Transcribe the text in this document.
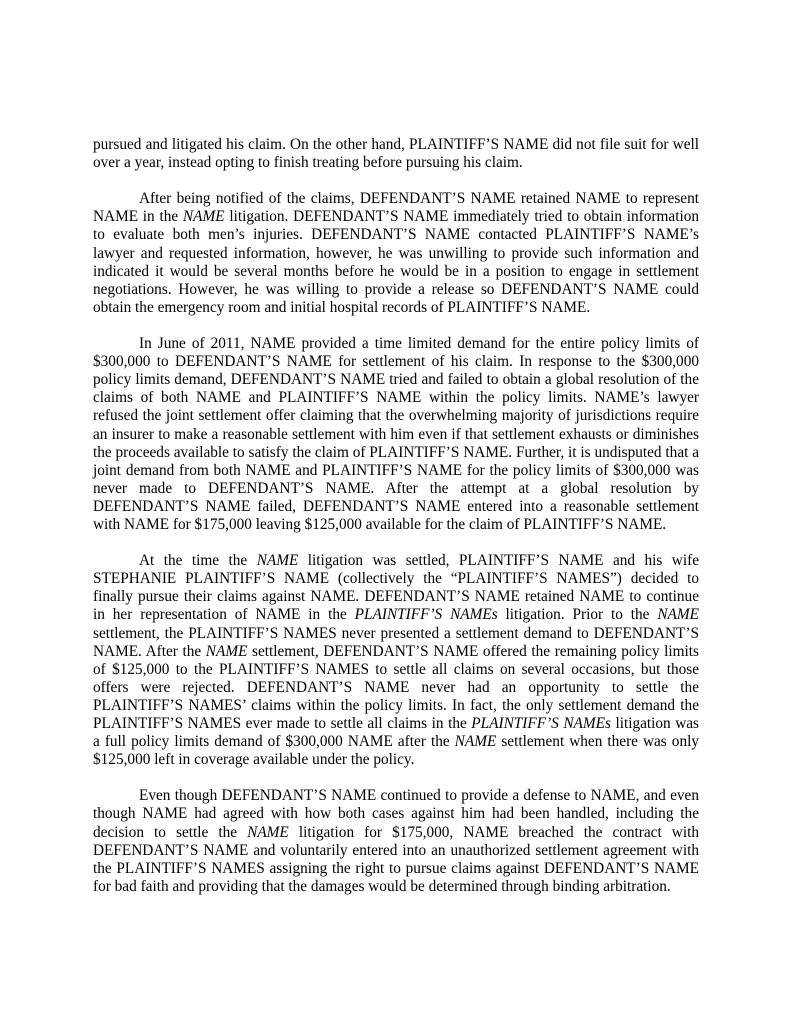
pursued and litigated his claim. On the other hand, PLAINTIFF’S NAME did not file suit for well over a year, instead opting to finish treating before pursuing his claim.

After being notified of the claims, DEFENDANT’S NAME retained NAME to represent NAME in the NAME litigation. DEFENDANT’S NAME immediately tried to obtain information to evaluate both men’s injuries. DEFENDANT’S NAME contacted PLAINTIFF’S NAME’s lawyer and requested information, however, he was unwilling to provide such information and indicated it would be several months before he would be in a position to engage in settlement negotiations. However, he was willing to provide a release so DEFENDANT’S NAME could obtain the emergency room and initial hospital records of PLAINTIFF’S NAME.

In June of 2011, NAME provided a time limited demand for the entire policy limits of $300,000 to DEFENDANT’S NAME for settlement of his claim. In response to the $300,000 policy limits demand, DEFENDANT’S NAME tried and failed to obtain a global resolution of the claims of both NAME and PLAINTIFF’S NAME within the policy limits. NAME’s lawyer refused the joint settlement offer claiming that the overwhelming majority of jurisdictions require an insurer to make a reasonable settlement with him even if that settlement exhausts or diminishes the proceeds available to satisfy the claim of PLAINTIFF’S NAME. Further, it is undisputed that a joint demand from both NAME and PLAINTIFF’S NAME for the policy limits of $300,000 was never made to DEFENDANT’S NAME. After the attempt at a global resolution by DEFENDANT’S NAME failed, DEFENDANT’S NAME entered into a reasonable settlement with NAME for $175,000 leaving $125,000 available for the claim of PLAINTIFF’S NAME.

At the time the NAME litigation was settled, PLAINTIFF’S NAME and his wife STEPHANIE PLAINTIFF’S NAME (collectively the “PLAINTIFF’S NAMES”) decided to finally pursue their claims against NAME. DEFENDANT’S NAME retained NAME to continue in her representation of NAME in the PLAINTIFF’S NAMEs litigation. Prior to the NAME settlement, the PLAINTIFF’S NAMES never presented a settlement demand to DEFENDANT’S NAME. After the NAME settlement, DEFENDANT’S NAME offered the remaining policy limits of $125,000 to the PLAINTIFF’S NAMES to settle all claims on several occasions, but those offers were rejected. DEFENDANT’S NAME never had an opportunity to settle the PLAINTIFF’S NAMES’ claims within the policy limits. In fact, the only settlement demand the PLAINTIFF’S NAMES ever made to settle all claims in the PLAINTIFF’S NAMEs litigation was a full policy limits demand of $300,000 NAME after the NAME settlement when there was only $125,000 left in coverage available under the policy.

Even though DEFENDANT’S NAME continued to provide a defense to NAME, and even though NAME had agreed with how both cases against him had been handled, including the decision to settle the NAME litigation for $175,000, NAME breached the contract with DEFENDANT’S NAME and voluntarily entered into an unauthorized settlement agreement with the PLAINTIFF’S NAMES assigning the right to pursue claims against DEFENDANT’S NAME for bad faith and providing that the damages would be determined through binding arbitration.
